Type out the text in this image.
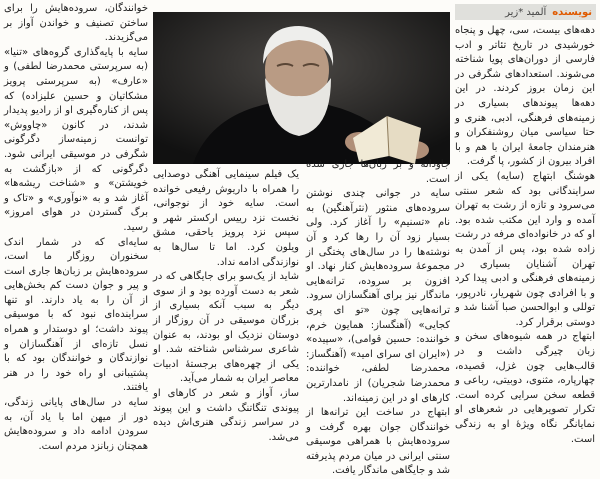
نویسنده
آلمید *زیر

دهه‌های بیست، سی، چهل و پنجاه خورشیدی در تاریخ تئاتر و ادب فارسی از دوران‌های پویا شناخته می‌شوند. استعدادهای شگرفی در این زمان بروز کردند. در این دهه‌ها پیوندهای بسیاری در زمینه‌های فرهنگی، ادبی، هنری و حتا سیاسی میان روشنفکران و هنرمندان جامعهٔ ایران با هم و با افراد بیرون از کشور، پا گرفت.

هوشنگ ابتهاج (سایه) یکی از سرایندگانی بود که شعر سنتی می‌سرود و تازه از رشت به تهران آمده و وارد این مکتب شده بود. او که در خانواده‌ای مرفه در رشت زاده شده بود، پس از آمدن به تهران آشنایان بسیاری در زمینه‌های فرهنگی و ادبی پیدا کرد و با افرادی چون شهریار، نادرپور، توللی و ابوالحسن صبا آشنا شد و دوستی برقرار کرد.

ابتهاج در همه شیوه‌های سخن و زبان چیرگی داشت و در قالب‌هایی چون غزل، قصیده، چهارپاره، مثنوی، دوبیتی، رباعی و قطعه سخن سرایی کرده است. تکرار تصویرهایی در شعرهای او نمایانگر نگاه ویژهٔ او به زندگی است.

جاودانه و بر زبان‌ها جاری شده است.

سایه در جوانی چندی نوشتن سروده‌های منثور (نثرآهنگین) به نام «تسنیم» را آغاز کرد. ولی بسیار زود آن را رها کرد و آن نوشته‌ها را در سال‌های پختگی از مجموعهٔ سروده‌هایش کنار نهاد. او افزون بر سروده، ترانه‌هایی ماندگار نیز برای آهنگسازان سرود. ترانه‌هایی چون «تو ای پری کجایی» (آهنگساز: همایون خرم، خواننده: حسین قوامی)، «سپیده» («ایران ای سرای امید» (آهنگساز: محمدرضا لطفی، خواننده: محمدرضا شجریان) از نامدارترین کارهای او در این زمینه‌اند.

ابتهاج در ساخت این ترانه‌ها از خوانندگان جوان بهره گرفت و سروده‌هایش با همراهی موسیقی سنتی ایرانی در میان مردم پذیرفته شد و جایگاهی ماندگار یافت.

یک فیلم سینمایی آهنگی دوصدایی را همراه با داریوش رفیعی خوانده است. سایه خود از نوجوانی، نخست نزد رییس ارکستر شهر و سپس نزد پرویز یاحقی، مشق ویلون کرد. اما تا سال‌ها به نوازندگی ادامه نداد.

شاید از یک‌سو برای جایگاهی که در شعر به دست آورده بود و از سوی دیگر به سبب آنکه بسیاری از بزرگان موسیقی در آن روزگار از دوستان نزدیک او بودند، به عنوان شاعری سرشناس شناخته شد. او یکی از چهره‌های برجستهٔ ادبیات معاصر ایران به شمار می‌آید.

ساز، آواز و شعر در کارهای او پیوندی تنگاتنگ داشت و این پیوند در سراسر زندگی هنری‌اش دیده می‌شد.

خوانندگان، سروده‌هایش را برای ساختن تصنیف و خواندن آواز بر می‌گزیدند.

سایه با پایه‌گذاری گروه‌های «تنیا» (به سرپرستی محمدرضا لطفی) و «عارف» (به سرپرستی پرویز مشکاتیان و حسین علیزاده) که پس از کناره‌گیری او از رادیو پدیدار شدند، در کانون «چاووش» توانست زمینه‌ساز دگرگونی شگرفی در موسیقی ایرانی شود. دگرگونی که از «بازگشت به خویشتن» و «شناخت ریشه‌ها» آغاز شد و به «نوآوری» و «تاک و برگ گستردن در هوای امروز» رسید.

سایه‌ای که در شمار اندک سخنوران روزگار ما است، سروده‌هایش بر زبان‌ها جاری است و پیر و جوان دست کم بخش‌هایی از آن را به یاد دارند. او تنها سراینده‌ای نبود که با موسیقی پیوند داشت؛ او دوستدار و همراه نسل تازه‌ای از آهنگسازان و نوازندگان و خوانندگان بود که با پشتیبانی او راه خود را در هنر یافتند.

سایه در سال‌های پایانی زندگی، دور از میهن اما با یاد آن، به سرودن ادامه داد و سروده‌هایش همچنان زبانزد مردم است.
